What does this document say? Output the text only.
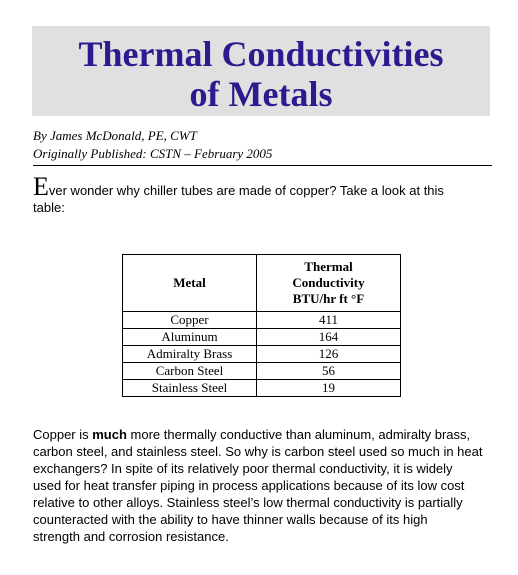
Thermal Conductivities
of Metals
By James McDonald, PE, CWT
Originally Published: CSTN – February 2005
Ever wonder why chiller tubes are made of copper? Take a look at this
table:
Metal	Thermal
Conductivity
BTU/hr ft °F

Copper	411
Aluminum	164
Admiralty Brass	126
Carbon Steel	56
Stainless Steel	19
Copper is much more thermally conductive than aluminum, admiralty brass,
carbon steel, and stainless steel. So why is carbon steel used so much in heat
exchangers? In spite of its relatively poor thermal conductivity, it is widely
used for heat transfer piping in process applications because of its low cost
relative to other alloys. Stainless steel’s low thermal conductivity is partially
counteracted with the ability to have thinner walls because of its high
strength and corrosion resistance.
